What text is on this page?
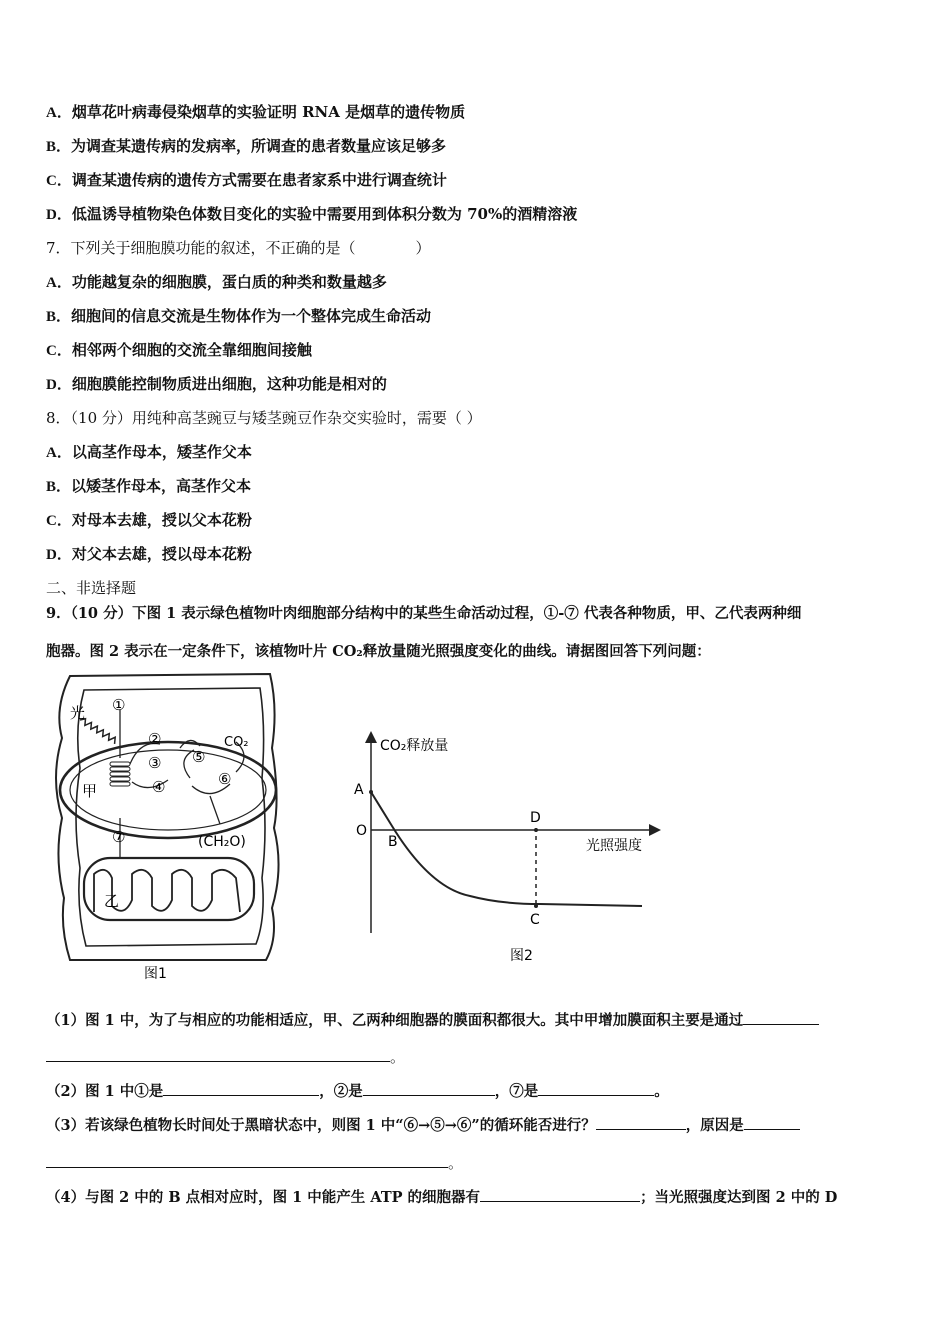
A．烟草花叶病毒侵染烟草的实验证明 RNA 是烟草的遗传物质
B．为调查某遗传病的发病率，所调查的患者数量应该足够多
C．调查某遗传病的遗传方式需要在患者家系中进行调查统计
D．低温诱导植物染色体数目变化的实验中需要用到体积分数为 70%的酒精溶液
7．下列关于细胞膜功能的叙述，不正确的是（　　　　）
A．功能越复杂的细胞膜，蛋白质的种类和数量越多
B．细胞间的信息交流是生物体作为一个整体完成生命活动
C．相邻两个细胞的交流全靠细胞间接触
D．细胞膜能控制物质进出细胞，这种功能是相对的
8．（10 分）用纯种高茎豌豆与矮茎豌豆作杂交实验时，需要（ ）
A．以高茎作母本，矮茎作父本
B．以矮茎作母本，高茎作父本
C．对母本去雄，授以父本花粉
D．对父本去雄，授以母本花粉
二、非选择题
9．（10 分）下图 1 表示绿色植物叶肉细胞部分结构中的某些生命活动过程，①-⑦ 代表各种物质，甲、乙代表两种细
胞器。图 2 表示在一定条件下，该植物叶片 CO₂释放量随光照强度变化的曲线。请据图回答下列问题：
光 ①
②
③
④
⑤
⑥
⑦
CO₂
(CH₂O)
甲
乙
图1
CO₂释放量
光照强度
A
O
B
D
C
图2
（1）图 1 中，为了与相应的功能相适应，甲、乙两种细胞器的膜面积都很大。其中甲增加膜面积主要是通过
。
（2）图 1 中①是	，②是	，⑦是	。
（3）若该绿色植物长时间处于黑暗状态中，则图 1 中“⑥→⑤→⑥”的循环能否进行？	，原因是
。
（4）与图 2 中的 B 点相对应时，图 1 中能产生 ATP 的细胞器有	；当光照强度达到图 2 中的 D
